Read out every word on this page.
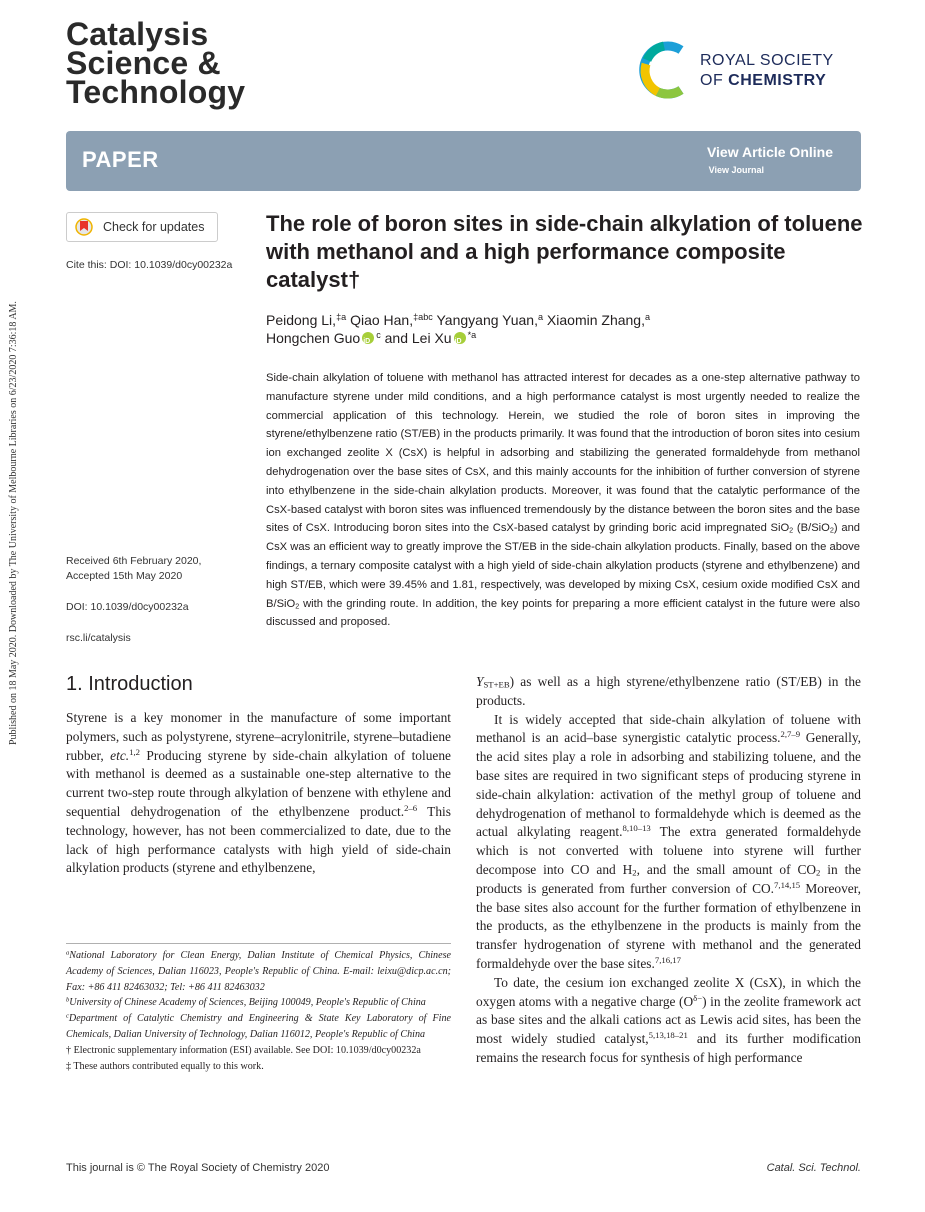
Published on 18 May 2020. Downloaded by The University of Melbourne Libraries on 6/23/2020 7:36:18 AM.
Catalysis
Science &
Technology
ROYAL SOCIETY
OF CHEMISTRY
PAPER	View Article Online
View Journal
Check for updates
Cite this: DOI: 10.1039/d0cy00232a
Received 6th February 2020,
Accepted 15th May 2020
DOI: 10.1039/d0cy00232a
rsc.li/catalysis
The role of boron sites in side-chain alkylation of toluene with methanol and a high performance composite catalyst†
Peidong Li,$^{\ddagger a}$ Qiao Han,$^{\ddagger abc}$ Yangyang Yuan,$^a$ Xiaomin Zhang,$^a$
Hongchen Guo iD $^c$ and Lei Xu iD $^{*a}$
Side-chain alkylation of toluene with methanol has attracted interest for decades as a one-step alternative pathway to manufacture styrene under mild conditions, and a high performance catalyst is most urgently needed to realize the commercial application of this technology. Herein, we studied the role of boron sites in improving the styrene/ethylbenzene ratio (ST/EB) in the products primarily. It was found that the introduction of boron sites into cesium ion exchanged zeolite X (CsX) is helpful in adsorbing and stabilizing the generated formaldehyde from methanol dehydrogenation over the base sites of CsX, and this mainly accounts for the inhibition of further conversion of styrene into ethylbenzene in the side-chain alkylation products. Moreover, it was found that the catalytic performance of the CsX-based catalyst with boron sites was influenced tremendously by the distance between the boron sites and the base sites of CsX. Introducing boron sites into the CsX-based catalyst by grinding boric acid impregnated SiO$_2$ (B/SiO$_2$) and CsX was an efficient way to greatly improve the ST/EB in the side-chain alkylation products. Finally, based on the above findings, a ternary composite catalyst with a high yield of side-chain alkylation products (styrene and ethylbenzene) and high ST/EB, which were 39.45% and 1.81, respectively, was developed by mixing CsX, cesium oxide modified CsX and B/SiO$_2$ with the grinding route. In addition, the key points for preparing a more efficient catalyst in the future were also discussed and proposed.
1. Introduction

Styrene is a key monomer in the manufacture of some important polymers, such as polystyrene, styrene–acrylonitrile, styrene–butadiene rubber, etc.$^{1,2}$ Producing styrene by side-chain alkylation of toluene with methanol is deemed as a sustainable one-step alternative to the current two-step route through alkylation of benzene with ethylene and sequential dehydrogenation of the ethylbenzene product.$^{2-6}$ This technology, however, has not been commercialized to date, due to the lack of high performance catalysts with high yield of side-chain alkylation products (styrene and ethylbenzene,

$Y_{ST+EB}$) as well as a high styrene/ethylbenzene ratio (ST/EB) in the products.

It is widely accepted that side-chain alkylation of toluene with methanol is an acid–base synergistic catalytic process.$^{2,7-9}$ Generally, the acid sites play a role in adsorbing and stabilizing toluene, and the base sites are required in two significant steps of producing styrene in side-chain alkylation: activation of the methyl group of toluene and dehydrogenation of methanol to formaldehyde which is deemed as the actual alkylating reagent.$^{8,10-13}$ The extra generated formaldehyde which is not converted with toluene into styrene will further decompose into CO and $H_2$, and the small amount of $CO_2$ in the products is generated from further conversion of CO.$^{7,14,15}$ Moreover, the base sites also account for the further formation of ethylbenzene in the products, as the ethylbenzene in the products is mainly from the transfer hydrogenation of styrene with methanol and the generated formaldehyde over the base sites.$^{7,16,17}$

To date, the cesium ion exchanged zeolite X (CsX), in which the oxygen atoms with a negative charge $(O^{\delta-})$ in the zeolite framework act as base sites and the alkali cations act as Lewis acid sites, has been the most widely studied catalyst,$^{5,13,18-21}$ and its further modification remains the research focus for synthesis of high performance

$^a$National Laboratory for Clean Energy, Dalian Institute of Chemical Physics, Chinese Academy of Sciences, Dalian 116023, People's Republic of China. E-mail: leixu@dicp.ac.cn; Fax: +86 411 82463032; Tel: +86 411 82463032

$^b$University of Chinese Academy of Sciences, Beijing 100049, People's Republic of China

$^c$Department of Catalytic Chemistry and Engineering & State Key Laboratory of Fine Chemicals, Dalian University of Technology, Dalian 116012, People's Republic of China

† Electronic supplementary information (ESI) available. See DOI: 10.1039/d0cy00232a

‡ These authors contributed equally to this work.

This journal is © The Royal Society of Chemistry 2020	Catal. Sci. Technol.
